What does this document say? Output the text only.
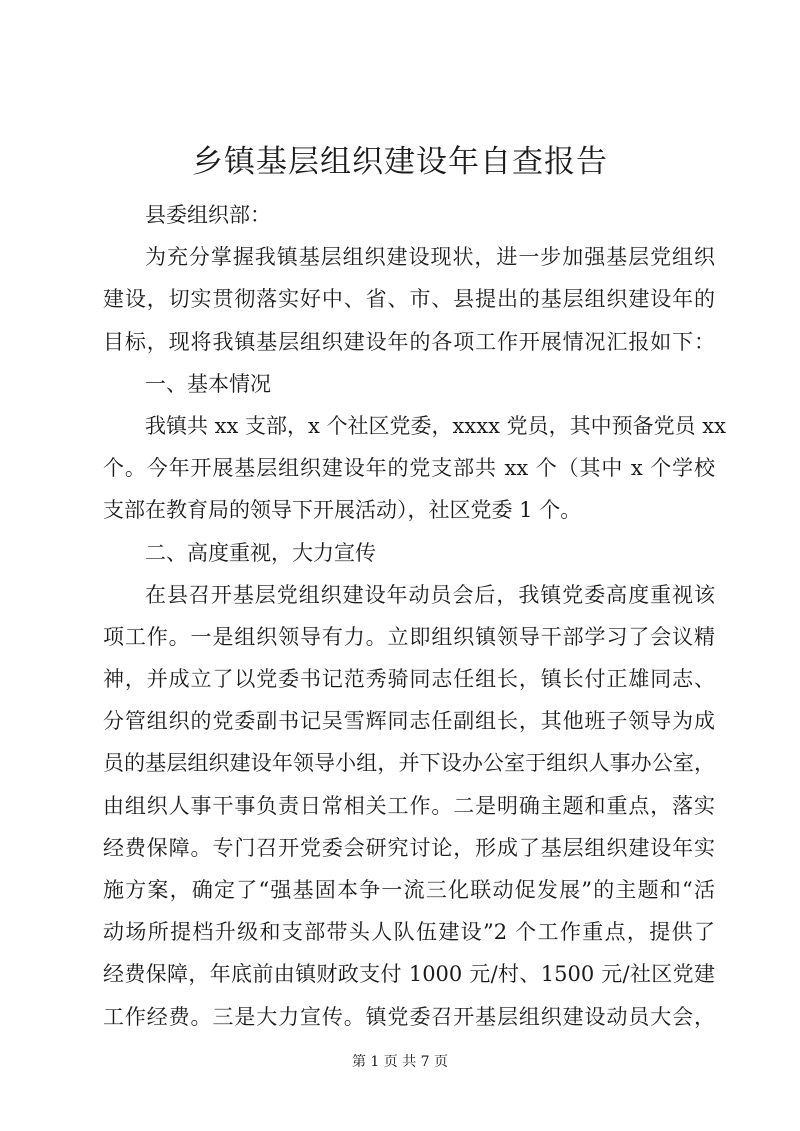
乡镇基层组织建设年自查报告
县委组织部：
为充分掌握我镇基层组织建设现状，进一步加强基层党组织
建设，切实贯彻落实好中、省、市、县提出的基层组织建设年的
目标，现将我镇基层组织建设年的各项工作开展情况汇报如下：
一、基本情况
我镇共 xx 支部，x 个社区党委，xxxx 党员，其中预备党员 xx
个。今年开展基层组织建设年的党支部共 xx 个（其中 x 个学校
支部在教育局的领导下开展活动），社区党委 1 个。
二、高度重视，大力宣传
在县召开基层党组织建设年动员会后，我镇党委高度重视该
项工作。一是组织领导有力。立即组织镇领导干部学习了会议精
神，并成立了以党委书记范秀骑同志任组长，镇长付正雄同志、
分管组织的党委副书记吴雪辉同志任副组长，其他班子领导为成
员的基层组织建设年领导小组，并下设办公室于组织人事办公室，
由组织人事干事负责日常相关工作。二是明确主题和重点，落实
经费保障。专门召开党委会研究讨论，形成了基层组织建设年实
施方案，确定了“强基固本争一流三化联动促发展”的主题和“活
动场所提档升级和支部带头人队伍建设”2 个工作重点，提供了
经费保障，年底前由镇财政支付 1000 元/村、1500 元/社区党建
工作经费。三是大力宣传。镇党委召开基层组织建设动员大会，
第 1 页 共 7 页
